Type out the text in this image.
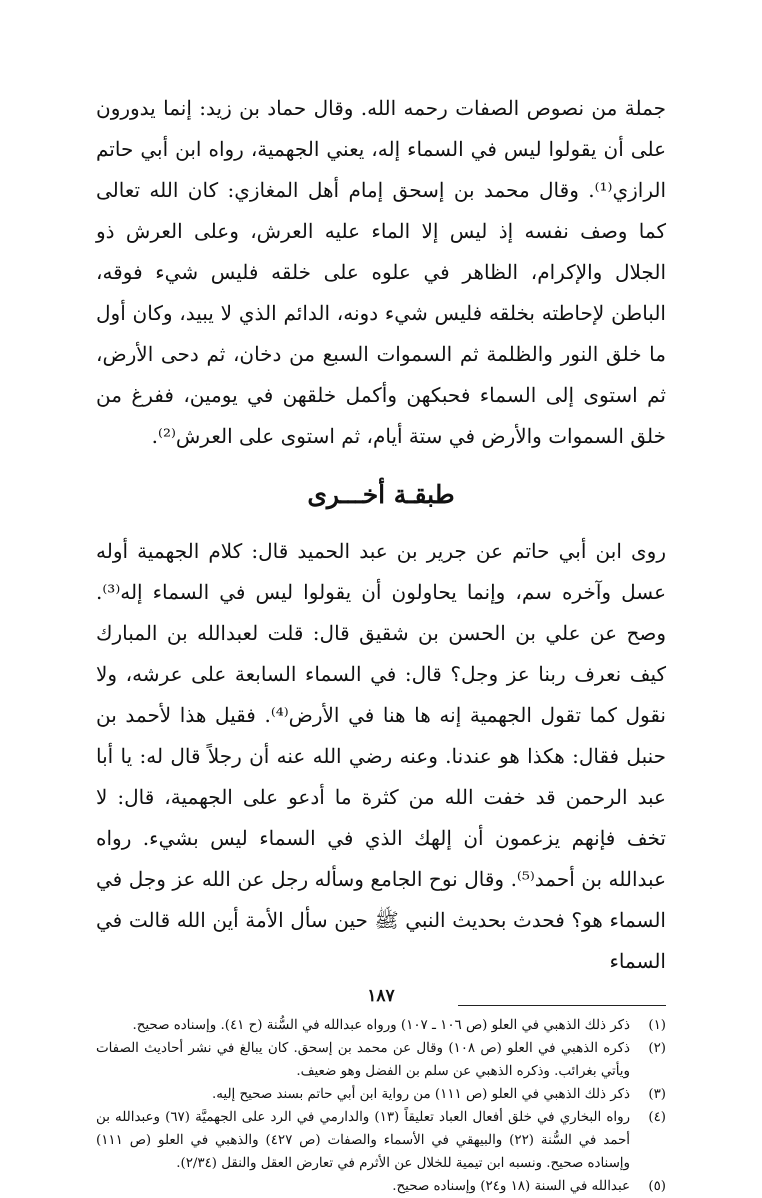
جملة من نصوص الصفات رحمه الله. وقال حماد بن زيد: إنما يدورون على أن يقولوا ليس في السماء إله، يعني الجهمية، رواه ابن أبي حاتم الرازي⁽¹⁾. وقال محمد بن إسحق إمام أهل المغازي: كان الله تعالى كما وصف نفسه إذ ليس إلا الماء عليه العرش، وعلى العرش ذو الجلال والإكرام، الظاهر في علوه على خلقه فليس شيء فوقه، الباطن لإحاطته بخلقه فليس شيء دونه، الدائم الذي لا يبيد، وكان أول ما خلق النور والظلمة ثم السموات السبع من دخان، ثم دحى الأرض، ثم استوى إلى السماء فحبكهن وأكمل خلقهن في يومين، ففرغ من خلق السموات والأرض في ستة أيام، ثم استوى على العرش⁽²⁾.

طبقـة أخـــرى

روى ابن أبي حاتم عن جرير بن عبد الحميد قال: كلام الجهمية أوله عسل وآخره سم، وإنما يحاولون أن يقولوا ليس في السماء إله⁽³⁾. وصح عن علي بن الحسن بن شقيق قال: قلت لعبدالله بن المبارك كيف نعرف ربنا عز وجل؟ قال: في السماء السابعة على عرشه، ولا نقول كما تقول الجهمية إنه ها هنا في الأرض⁽⁴⁾. فقيل هذا لأحمد بن حنبل فقال: هكذا هو عندنا. وعنه رضي الله عنه أن رجلاً قال له: يا أبا عبد الرحمن قد خفت الله من كثرة ما أدعو على الجهمية، قال: لا تخف فإنهم يزعمون أن إلهك الذي في السماء ليس بشيء. رواه عبدالله بن أحمد⁽⁵⁾. وقال نوح الجامع وسأله رجل عن الله عز وجل في السماء هو؟ فحدث بحديث النبي ﷺ حين سأل الأمة أين الله قالت في السماء

(١)
ذكر ذلك الذهبي في العلو (ص ١٠٦ ـ ١٠٧) ورواه عبدالله في السُّنة (ح ٤١). وإسناده صحيح.
(٢)
ذكره الذهبي في العلو (ص ١٠٨) وقال عن محمد بن إسحق. كان يبالغ في نشر أحاديث الصفات ويأتي بغرائب. وذكره الذهبي عن سلم بن الفضل وهو ضعيف.
(٣)
ذكر ذلك الذهبي في العلو (ص ١١١) من رواية ابن أبي حاتم بسند صحيح إليه.
(٤)
رواه البخاري في خلق أفعال العباد تعليقاً (١٣) والدارمي في الرد على الجهميَّة (٦٧) وعبدالله بن أحمد في السُّنة (٢٢) والبيهقي في الأسماء والصفات (ص ٤٢٧) والذهبي في العلو (ص ١١١) وإسناده صحيح. ونسبه ابن تيمية للخلال عن الأثرم في تعارض العقل والنقل (٢/٣٤).
(٥)
عبدالله في السنة (١٨ و٢٤) وإسناده صحيح.
١٨٧
